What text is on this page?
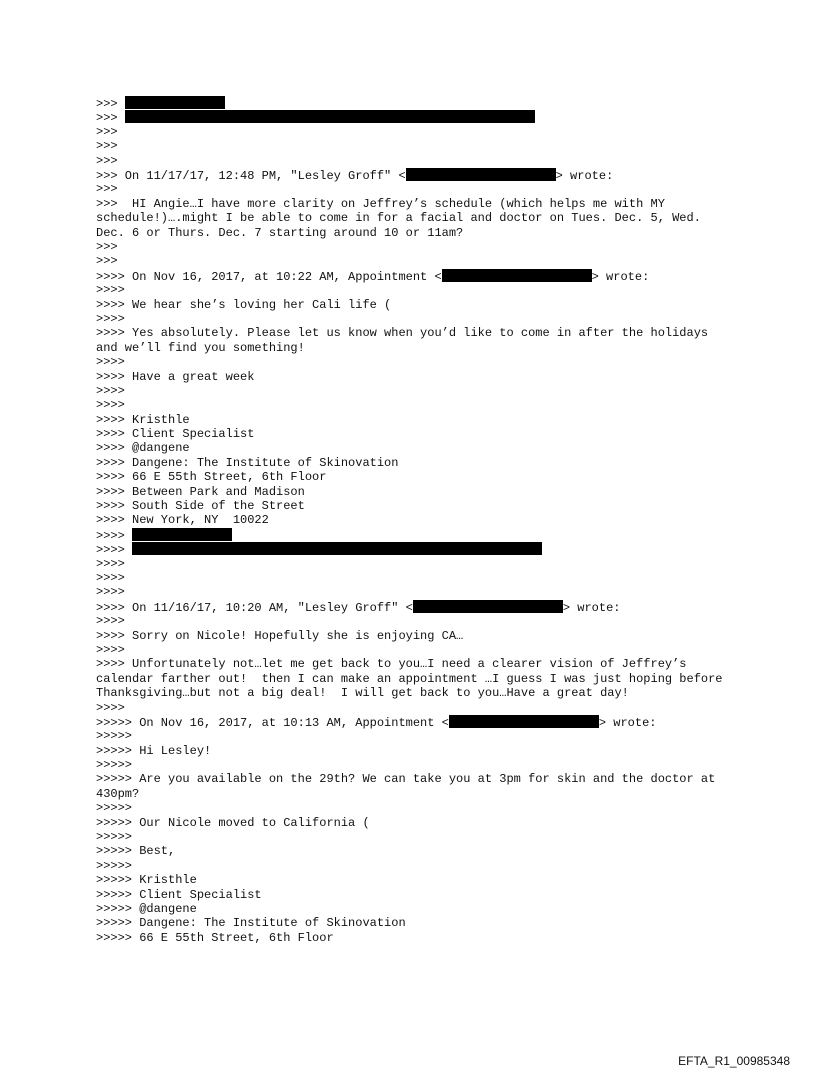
>>>
>>>
>>>
>>>
>>>
>>> On 11/17/17, 12:48 PM, "Lesley Groff" <	> wrote:
>>>
>>>  HI Angie…I have more clarity on Jeffrey’s schedule (which helps me with MY schedule!)….might I be able to come in for a facial and doctor on Tues. Dec. 5, Wed. Dec. 6 or Thurs. Dec. 7 starting around 10 or 11am?
>>>
>>>
>>>> On Nov 16, 2017, at 10:22 AM, Appointment <	> wrote:
>>>>
>>>> We hear she’s loving her Cali life (
>>>>
>>>> Yes absolutely. Please let us know when you’d like to come in after the holidays and we’ll find you something!
>>>>
>>>> Have a great week
>>>>
>>>>
>>>> Kristhle
>>>> Client Specialist
>>>> @dangene
>>>> Dangene: The Institute of Skinovation
>>>> 66 E 55th Street, 6th Floor
>>>> Between Park and Madison
>>>> South Side of the Street
>>>> New York, NY  10022
>>>>
>>>>
>>>>
>>>>
>>>>
>>>> On 11/16/17, 10:20 AM, "Lesley Groff" <	> wrote:
>>>>
>>>> Sorry on Nicole! Hopefully she is enjoying CA…
>>>>
>>>> Unfortunately not…let me get back to you…I need a clearer vision of Jeffrey’s calendar farther out!  then I can make an appointment …I guess I was just hoping before Thanksgiving…but not a big deal!  I will get back to you…Have a great day!
>>>>
>>>>> On Nov 16, 2017, at 10:13 AM, Appointment <	> wrote:
>>>>>
>>>>> Hi Lesley!
>>>>>
>>>>> Are you available on the 29th? We can take you at 3pm for skin and the doctor at 430pm?
>>>>>
>>>>> Our Nicole moved to California (
>>>>>
>>>>> Best,
>>>>>
>>>>> Kristhle
>>>>> Client Specialist
>>>>> @dangene
>>>>> Dangene: The Institute of Skinovation
>>>>> 66 E 55th Street, 6th Floor
EFTA_R1_00985348
